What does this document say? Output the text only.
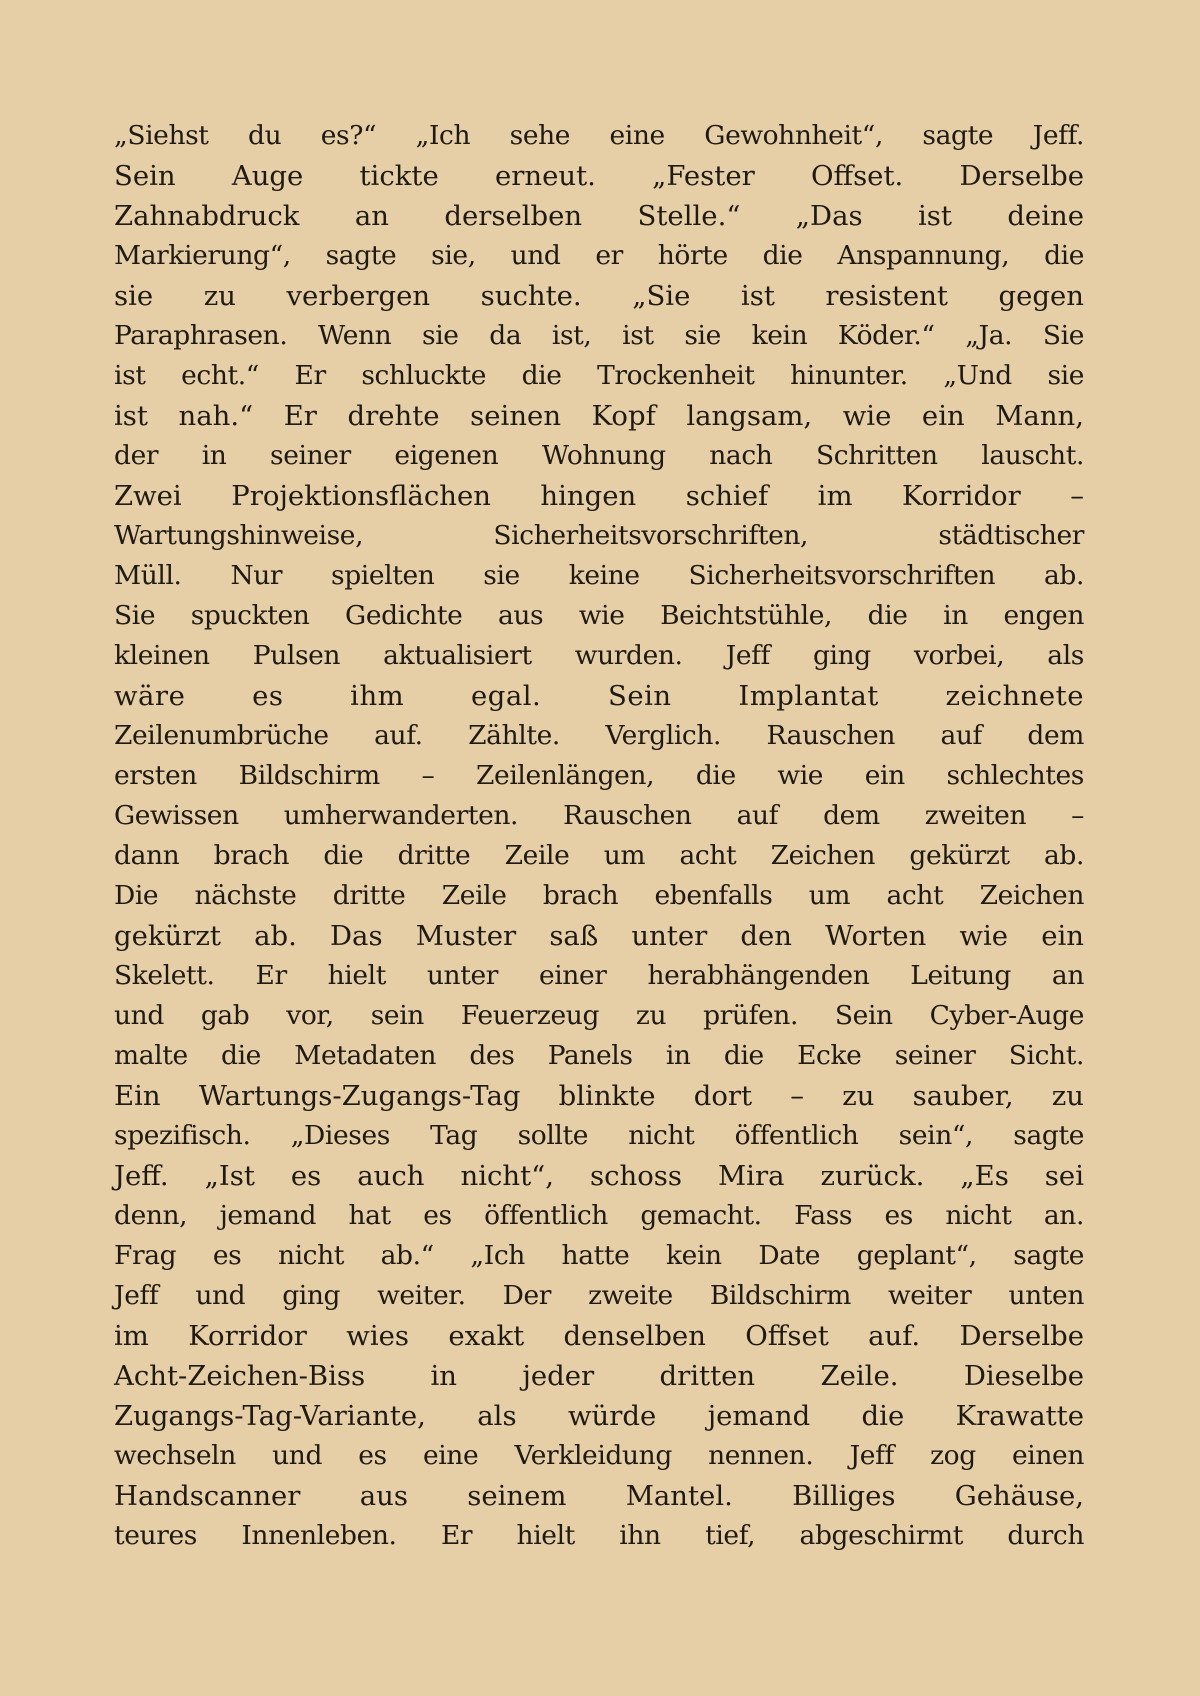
„Siehst du es?“ „Ich sehe eine Gewohnheit“, sagte Jeff.
Sein Auge tickte erneut. „Fester Offset. Derselbe
Zahnabdruck an derselben Stelle.“ „Das ist deine
Markierung“, sagte sie, und er hörte die Anspannung, die
sie zu verbergen suchte. „Sie ist resistent gegen
Paraphrasen. Wenn sie da ist, ist sie kein Köder.“ „Ja. Sie
ist echt.“ Er schluckte die Trockenheit hinunter. „Und sie
ist nah.“ Er drehte seinen Kopf langsam, wie ein Mann,
der in seiner eigenen Wohnung nach Schritten lauscht.
Zwei Projektionsflächen hingen schief im Korridor –
Wartungshinweise, Sicherheitsvorschriften, städtischer
Müll. Nur spielten sie keine Sicherheitsvorschriften ab.
Sie spuckten Gedichte aus wie Beichtstühle, die in engen
kleinen Pulsen aktualisiert wurden. Jeff ging vorbei, als
wäre es ihm egal. Sein Implantat zeichnete
Zeilenumbrüche auf. Zählte. Verglich. Rauschen auf dem
ersten Bildschirm – Zeilenlängen, die wie ein schlechtes
Gewissen umherwanderten. Rauschen auf dem zweiten –
dann brach die dritte Zeile um acht Zeichen gekürzt ab.
Die nächste dritte Zeile brach ebenfalls um acht Zeichen
gekürzt ab. Das Muster saß unter den Worten wie ein
Skelett. Er hielt unter einer herabhängenden Leitung an
und gab vor, sein Feuerzeug zu prüfen. Sein Cyber-Auge
malte die Metadaten des Panels in die Ecke seiner Sicht.
Ein Wartungs-Zugangs-Tag blinkte dort – zu sauber, zu
spezifisch. „Dieses Tag sollte nicht öffentlich sein“, sagte
Jeff. „Ist es auch nicht“, schoss Mira zurück. „Es sei
denn, jemand hat es öffentlich gemacht. Fass es nicht an.
Frag es nicht ab.“ „Ich hatte kein Date geplant“, sagte
Jeff und ging weiter. Der zweite Bildschirm weiter unten
im Korridor wies exakt denselben Offset auf. Derselbe
Acht-Zeichen-Biss in jeder dritten Zeile. Dieselbe
Zugangs-Tag-Variante, als würde jemand die Krawatte
wechseln und es eine Verkleidung nennen. Jeff zog einen
Handscanner aus seinem Mantel. Billiges Gehäuse,
teures Innenleben. Er hielt ihn tief, abgeschirmt durch
